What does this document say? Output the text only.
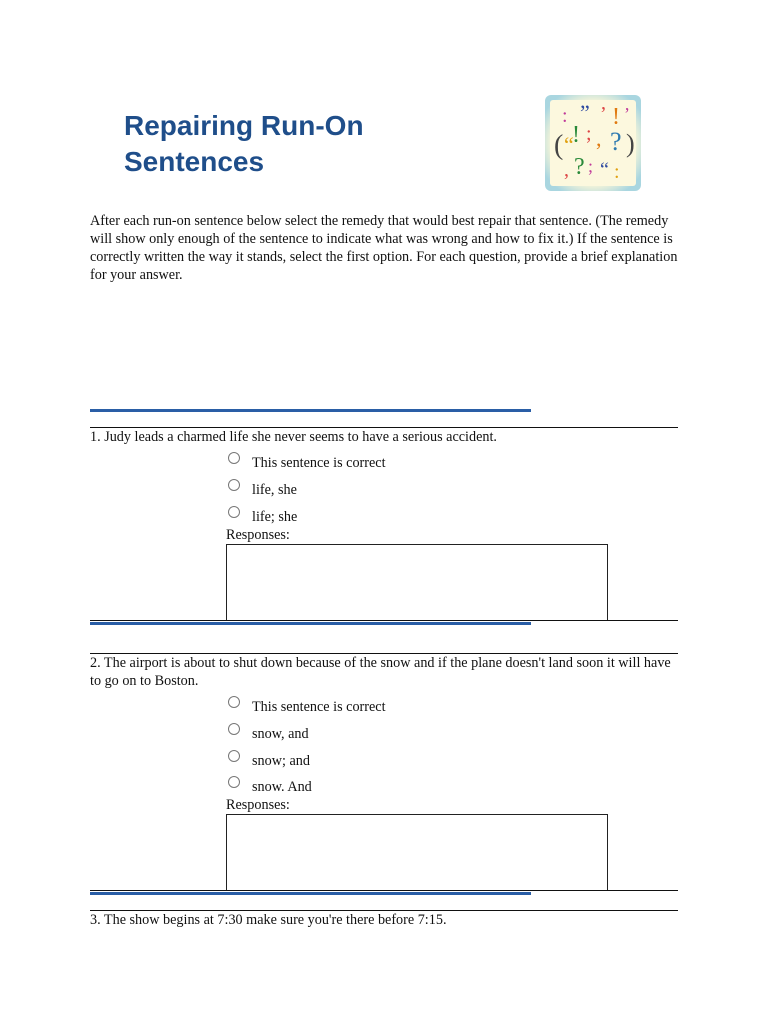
Repairing Run-On
Sentences
: ” ’ ! ’
( “
! ; , ? )
, ? ; “ :
After each run-on sentence below select the remedy that would best repair that sentence. (The remedy will show only enough of the sentence to indicate what was wrong and how to fix it.) If the sentence is correctly written the way it stands, select the first option. For each question, provide a brief explanation for your answer.
1. Judy leads a charmed life she never seems to have a serious accident.
This sentence is correct
life, she
life; she
Responses:
2. The airport is about to shut down because of the snow and if the plane doesn't land soon it will have to go on to Boston.
This sentence is correct
snow, and
snow; and
snow. And
Responses:
3. The show begins at 7:30 make sure you're there before 7:15.
